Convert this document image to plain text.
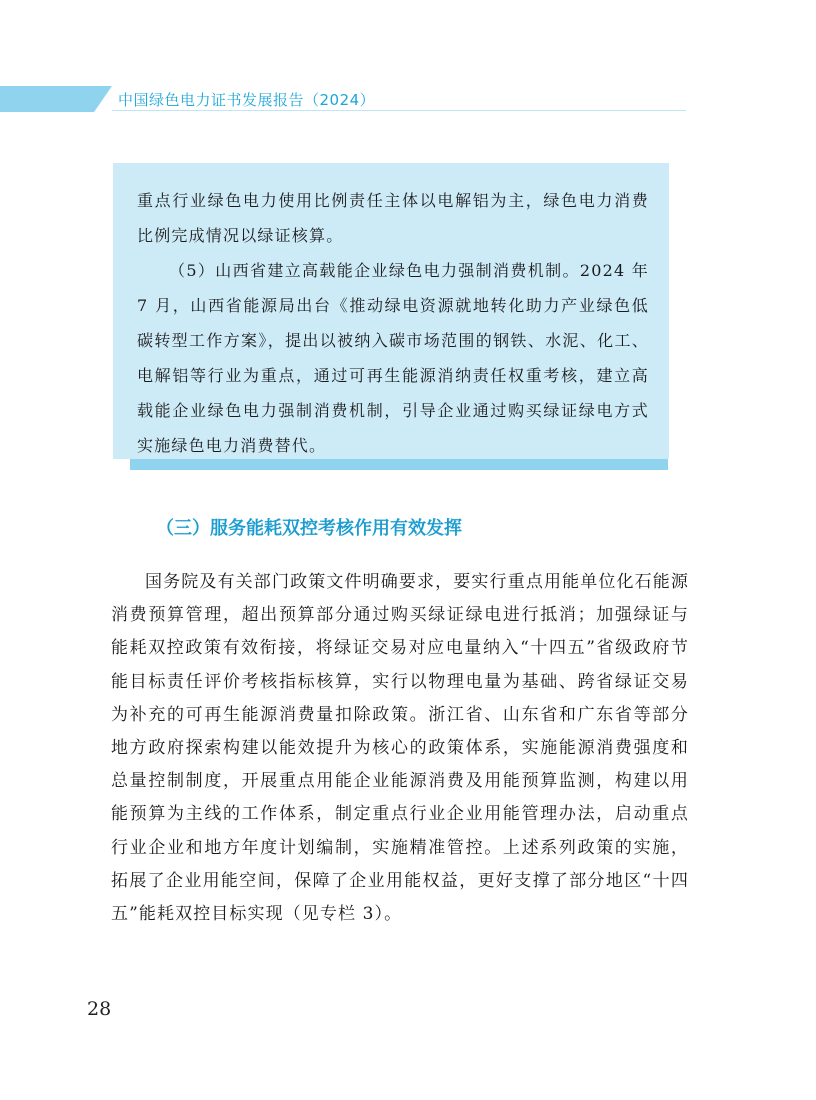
中国绿色电力证书发展报告（2024）

重点行业绿色电力使用比例责任主体以电解铝为主，绿色电力消费比例完成情况以绿证核算。

（5）山西省建立高载能企业绿色电力强制消费机制。2024 年 7 月，山西省能源局出台《推动绿电资源就地转化助力产业绿色低碳转型工作方案》，提出以被纳入碳市场范围的钢铁、水泥、化工、电解铝等行业为重点，通过可再生能源消纳责任权重考核，建立高载能企业绿色电力强制消费机制，引导企业通过购买绿证绿电方式实施绿色电力消费替代。

（三）服务能耗双控考核作用有效发挥

国务院及有关部门政策文件明确要求，要实行重点用能单位化石能源消费预算管理，超出预算部分通过购买绿证绿电进行抵消；加强绿证与能耗双控政策有效衔接，将绿证交易对应电量纳入“十四五”省级政府节能目标责任评价考核指标核算，实行以物理电量为基础、跨省绿证交易为补充的可再生能源消费量扣除政策。浙江省、山东省和广东省等部分地方政府探索构建以能效提升为核心的政策体系，实施能源消费强度和总量控制制度，开展重点用能企业能源消费及用能预算监测，构建以用能预算为主线的工作体系，制定重点行业企业用能管理办法，启动重点行业企业和地方年度计划编制，实施精准管控。上述系列政策的实施，拓展了企业用能空间，保障了企业用能权益，更好支撑了部分地区“十四五”能耗双控目标实现（见专栏 3）。

28
